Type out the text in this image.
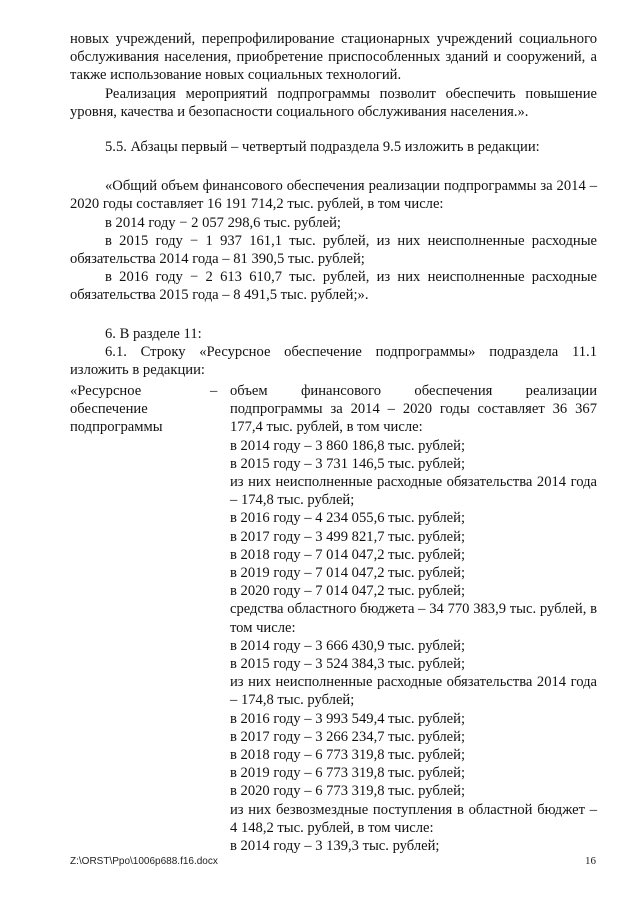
новых учреждений, перепрофилирование стационарных учреждений социального обслуживания населения, приобретение приспособленных зданий и сооружений, а также использование новых социальных технологий.

Реализация мероприятий подпрограммы позволит обеспечить повышение уровня, качества и безопасности социального обслуживания населения.».

5.5. Абзацы первый – четвертый подраздела 9.5 изложить в редакции:

«Общий объем финансового обеспечения реализации подпрограммы за 2014 – 2020 годы составляет 16 191 714,2 тыс. рублей, в том числе:

в 2014 году − 2 057 298,6 тыс. рублей;

в 2015 году − 1 937 161,1 тыс. рублей, из них неисполненные расходные обязательства 2014 года – 81 390,5 тыс. рублей;

в 2016 году − 2 613 610,7 тыс. рублей, из них неисполненные расходные обязательства 2015 года – 8 491,5 тыс. рублей;».

6. В разделе 11:

6.1. Строку «Ресурсное обеспечение подпрограммы» подраздела 11.1 изложить в редакции:

«Ресурсное
обеспечение
подпрограммы
– объем финансового обеспечения реализации подпрограммы за 2014 – 2020 годы составляет 36 367 177,4 тыс. рублей, в том числе:

в 2014 году – 3 860 186,8 тыс. рублей;

в 2015 году – 3 731 146,5 тыс. рублей;

из них неисполненные расходные обязательства 2014 года – 174,8 тыс. рублей;

в 2016 году – 4 234 055,6 тыс. рублей;

в 2017 году – 3 499 821,7 тыс. рублей;

в 2018 году – 7 014 047,2 тыс. рублей;

в 2019 году – 7 014 047,2 тыс. рублей;

в 2020 году – 7 014 047,2 тыс. рублей;

средства областного бюджета – 34 770 383,9 тыс. рублей, в том числе:

в 2014 году – 3 666 430,9 тыс. рублей;

в 2015 году – 3 524 384,3 тыс. рублей;

из них неисполненные расходные обязательства 2014 года – 174,8 тыс. рублей;

в 2016 году – 3 993 549,4 тыс. рублей;

в 2017 году – 3 266 234,7 тыс. рублей;

в 2018 году – 6 773 319,8 тыс. рублей;

в 2019 году – 6 773 319,8 тыс. рублей;

в 2020 году – 6 773 319,8 тыс. рублей;

из них безвозмездные поступления в областной бюджет – 4 148,2 тыс. рублей, в том числе:

в 2014 году – 3 139,3 тыс. рублей;

Z:\ORST\Ppo\1006p688.f16.docx	16
